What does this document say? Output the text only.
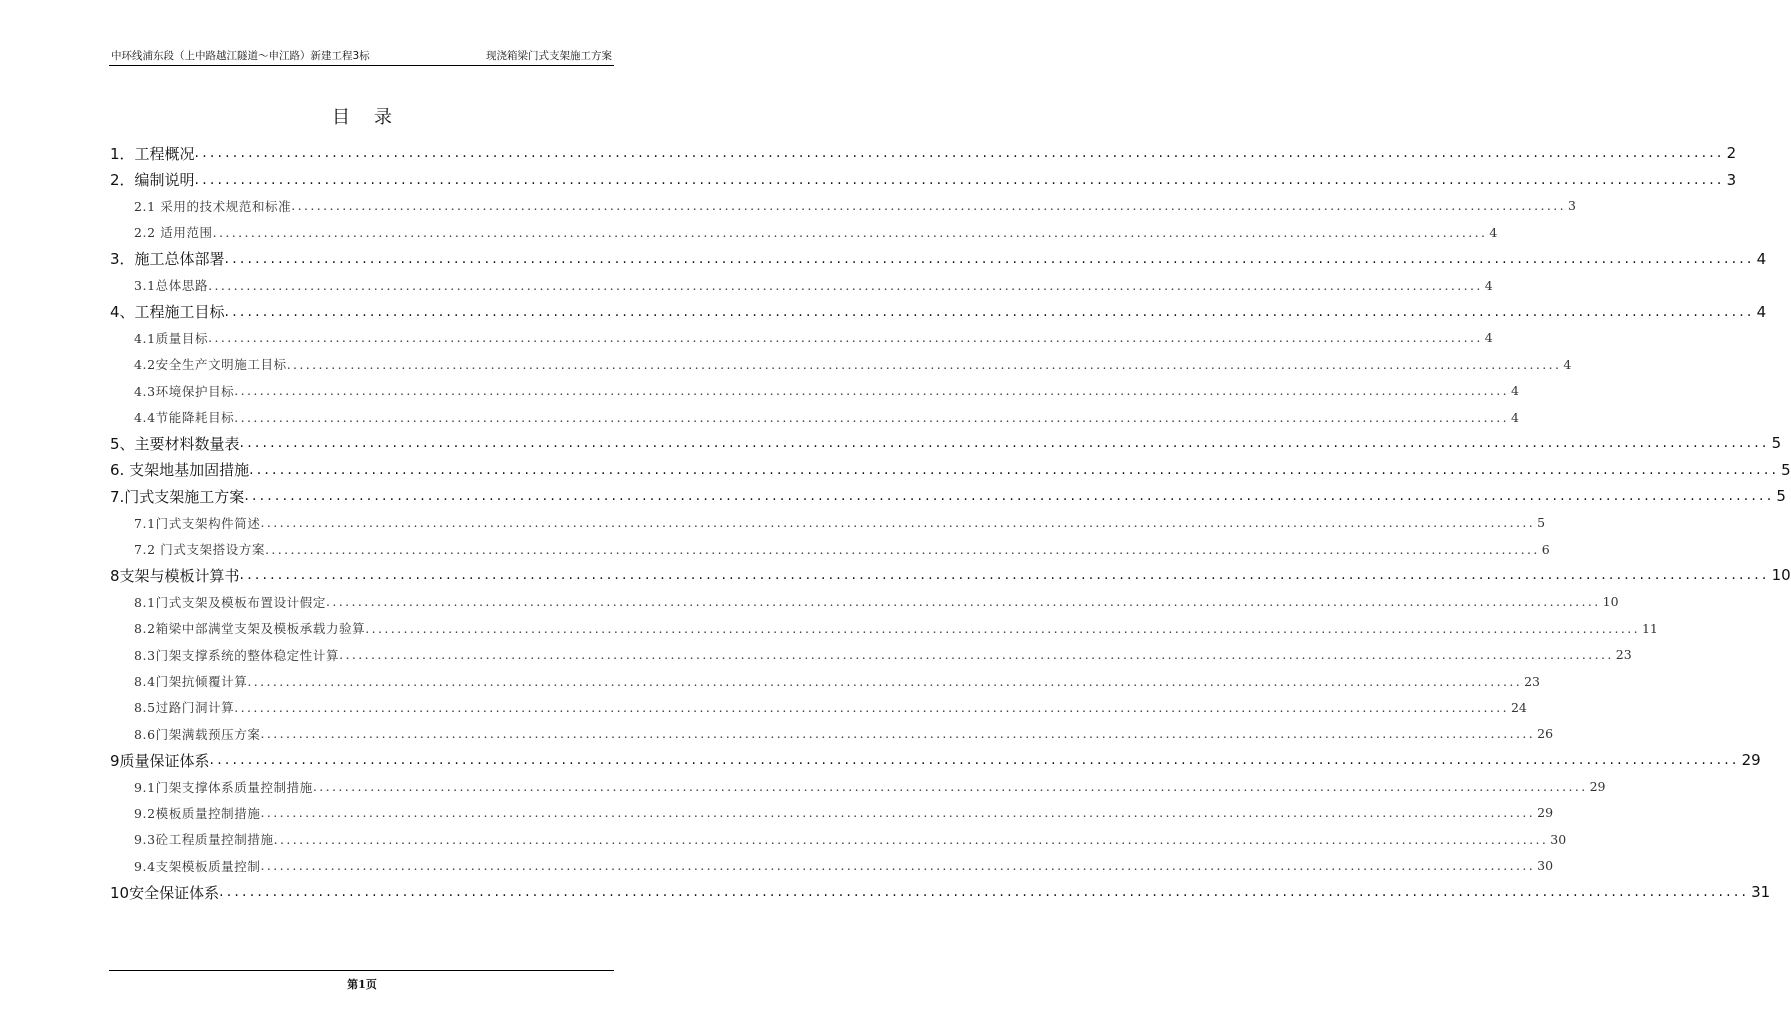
中环线浦东段（上中路越江隧道～申江路）新建工程3标	现浇箱梁门式支架施工方案
目录
1．工程概况 ........................................................................................................................................................................................................ 2
2．编制说明 ........................................................................................................................................................................................................ 3
2.1 采用的技术规范和标准 ........................................................................................................................................................................................................ 3
2.2 适用范围 ........................................................................................................................................................................................................ 4
3．施工总体部署 ........................................................................................................................................................................................................ 4
3.1总体思路 ........................................................................................................................................................................................................ 4
4、工程施工目标 ........................................................................................................................................................................................................ 4
4.1质量目标 ........................................................................................................................................................................................................ 4
4.2安全生产文明施工目标 ........................................................................................................................................................................................................ 4
4.3环境保护目标 ........................................................................................................................................................................................................ 4
4.4节能降耗目标 ........................................................................................................................................................................................................ 4
5、主要材料数量表 ........................................................................................................................................................................................................ 5
6. 支架地基加固措施 ........................................................................................................................................................................................................ 5
7.门式支架施工方案 ........................................................................................................................................................................................................ 5
7.1门式支架构件简述 ........................................................................................................................................................................................................ 5
7.2 门式支架搭设方案 ........................................................................................................................................................................................................ 6
8支架与模板计算书 ........................................................................................................................................................................................................ 10
8.1门式支架及模板布置设计假定 ........................................................................................................................................................................................................ 10
8.2箱梁中部满堂支架及模板承载力验算 ........................................................................................................................................................................................................ 11
8.3门架支撑系统的整体稳定性计算 ........................................................................................................................................................................................................ 23
8.4门架抗倾覆计算 ........................................................................................................................................................................................................ 23
8.5过路门洞计算 ........................................................................................................................................................................................................ 24
8.6门架满载预压方案 ........................................................................................................................................................................................................ 26
9质量保证体系 ........................................................................................................................................................................................................ 29
9.1门架支撑体系质量控制措施 ........................................................................................................................................................................................................ 29
9.2模板质量控制措施 ........................................................................................................................................................................................................ 29
9.3砼工程质量控制措施 ........................................................................................................................................................................................................ 30
9.4支架模板质量控制 ........................................................................................................................................................................................................ 30
10安全保证体系 ........................................................................................................................................................................................................ 31
第1页
